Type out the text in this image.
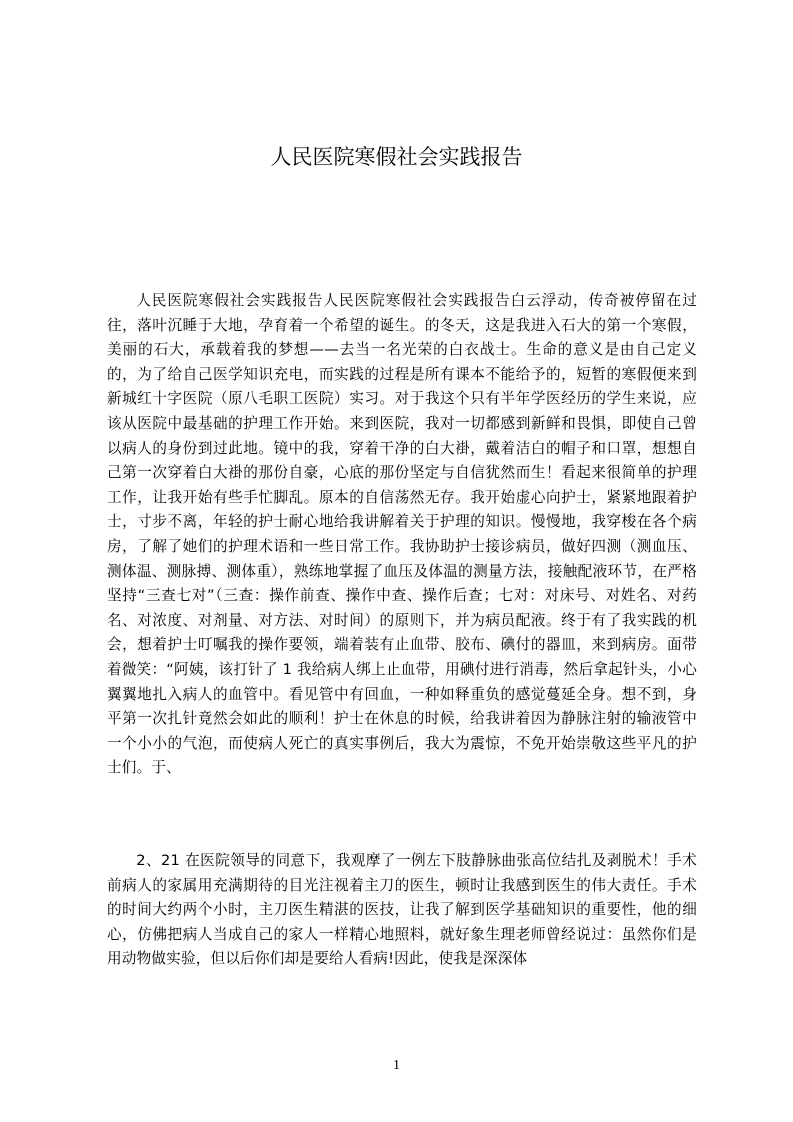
人民医院寒假社会实践报告

人民医院寒假社会实践报告人民医院寒假社会实践报告白云浮动，传奇被停留在过往，落叶沉睡于大地，孕育着一个希望的诞生。的冬天，这是我进入石大的第一个寒假，美丽的石大，承载着我的梦想——去当一名光荣的白衣战士。生命的意义是由自己定义的，为了给自己医学知识充电，而实践的过程是所有课本不能给予的，短暂的寒假便来到新城红十字医院（原八毛职工医院）实习。对于我这个只有半年学医经历的学生来说，应该从医院中最基础的护理工作开始。来到医院，我对一切都感到新鲜和畏惧，即使自己曾以病人的身份到过此地。镜中的我，穿着干净的白大褂，戴着洁白的帽子和口罩，想想自己第一次穿着白大褂的那份自豪，心底的那份坚定与自信犹然而生！看起来很简单的护理工作，让我开始有些手忙脚乱。原本的自信荡然无存。我开始虚心向护士，紧紧地跟着护士，寸步不离，年轻的护士耐心地给我讲解着关于护理的知识。慢慢地，我穿梭在各个病房，了解了她们的护理术语和一些日常工作。我协助护士接诊病员，做好四测（测血压、测体温、测脉搏、测体重），熟练地掌握了血压及体温的测量方法，接触配液环节，在严格坚持“三查七对”（三查：操作前查、操作中查、操作后查；七对：对床号、对姓名、对药名、对浓度、对剂量、对方法、对时间）的原则下，并为病员配液。终于有了我实践的机会，想着护士叮嘱我的操作要领，端着装有止血带、胶布、碘付的器皿，来到病房。面带着微笑：“阿姨，该打针了 1 我给病人绑上止血带，用碘付进行消毒，然后拿起针头，小心翼翼地扎入病人的血管中。看见管中有回血，一种如释重负的感觉蔓延全身。想不到，身平第一次扎针竟然会如此的顺利！护士在休息的时候，给我讲着因为静脉注射的输液管中一个小小的气泡，而使病人死亡的真实事例后，我大为震惊，不免开始崇敬这些平凡的护士们。于、

2、21 在医院领导的同意下，我观摩了一例左下肢静脉曲张高位结扎及剥脱术！手术前病人的家属用充满期待的目光注视着主刀的医生，顿时让我感到医生的伟大责任。手术的时间大约两个小时，主刀医生精湛的医技，让我了解到医学基础知识的重要性，他的细心，仿佛把病人当成自己的家人一样精心地照料，就好象生理老师曾经说过：虽然你们是用动物做实验，但以后你们却是要给人看病!因此，使我是深深体

1
